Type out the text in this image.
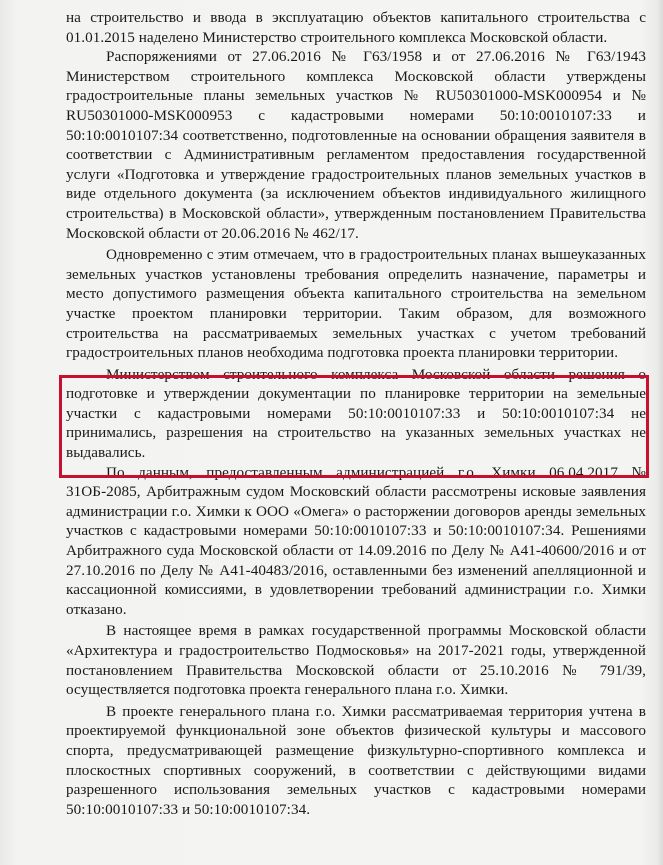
на строительство и ввода в эксплуатацию объектов капитального строительства с 01.01.2015 наделено Министерство строительного комплекса Московской области.

Распоряжениями от 27.06.2016 № Г63/1958 и от 27.06.2016 № Г63/1943 Министерством строительного комплекса Московской области утверждены градостроительные планы земельных участков № RU50301000-MSK000954 и № RU50301000-MSK000953 с кадастровыми номерами 50:10:0010107:33 и 50:10:0010107:34 соответственно, подготовленные на основании обращения заявителя в соответствии с Административным регламентом предоставления государственной услуги «Подготовка и утверждение градостроительных планов земельных участков в виде отдельного документа (за исключением объектов индивидуального жилищного строительства) в Московской области», утвержденным постановлением Правительства Московской области от 20.06.2016 № 462/17.

Одновременно с этим отмечаем, что в градостроительных планах вышеуказанных земельных участков установлены требования определить назначение, параметры и место допустимого размещения объекта капитального строительства на земельном участке проектом планировки территории. Таким образом, для возможного строительства на рассматриваемых земельных участках с учетом требований градостроительных планов необходима подготовка проекта планировки территории.

Министерством строительного комплекса Московской области решения о подготовке и утверждении документации по планировке территории на земельные участки с кадастровыми номерами 50:10:0010107:33 и 50:10:0010107:34 не принимались, разрешения на строительство на указанных земельных участках не выдавались.

По данным, предоставленным администрацией г.о. Химки 06.04.2017 № 31ОБ-2085, Арбитражным судом Московский области рассмотрены исковые заявления администрации г.о. Химки к ООО «Омега» о расторжении договоров аренды земельных участков с кадастровыми номерами 50:10:0010107:33 и 50:10:0010107:34. Решениями Арбитражного суда Московской области от 14.09.2016 по Делу № А41-40600/2016 и от 27.10.2016 по Делу № А41-40483/2016, оставленными без изменений апелляционной и кассационной комиссиями, в удовлетворении требований администрации г.о. Химки отказано.

В настоящее время в рамках государственной программы Московской области «Архитектура и градостроительство Подмосковья» на 2017-2021 годы, утвержденной постановлением Правительства Московской области от 25.10.2016 № 791/39, осуществляется подготовка проекта генерального плана г.о. Химки.

В проекте генерального плана г.о. Химки рассматриваемая территория учтена в проектируемой функциональной зоне объектов физической культуры и массового спорта, предусматривающей размещение физкультурно-спортивного комплекса и плоскостных спортивных сооружений, в соответствии с действующими видами разрешенного использования земельных участков с кадастровыми номерами 50:10:0010107:33 и 50:10:0010107:34.
